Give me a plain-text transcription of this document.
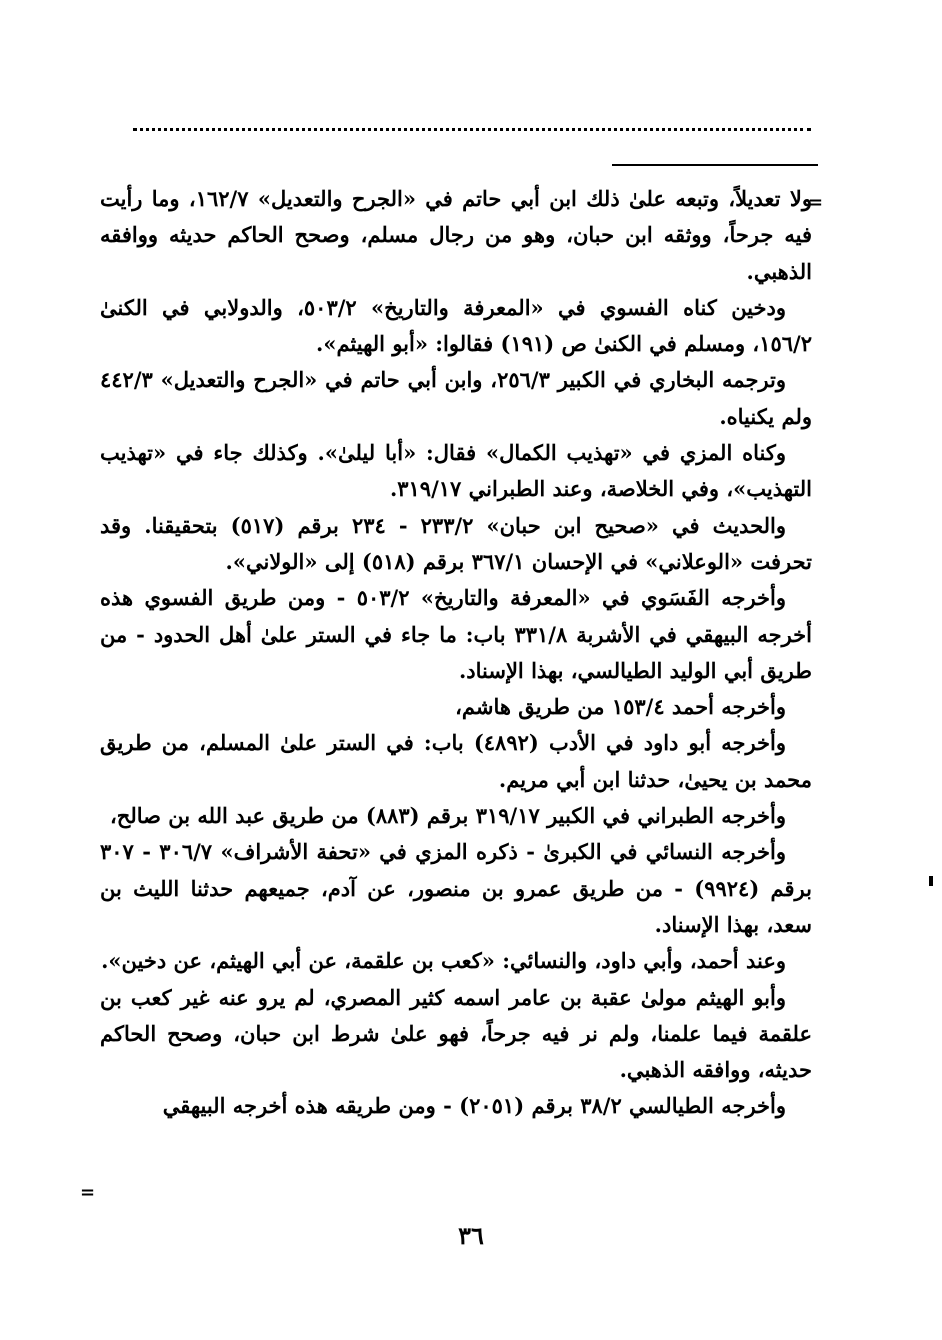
=

ولا تعديلاً، وتبعه علىٰ ذلك ابن أبي حاتم في «الجرح والتعديل» ١٦٢/٧، وما رأيت فيه جرحاً، ووثقه ابن حبان، وهو من رجال مسلم، وصحح الحاكم حديثه ووافقه الذهبي.

ودخين كناه الفسوي في «المعرفة والتاريخ» ٥٠٣/٢، والدولابي في الكنىٰ ١٥٦/٢، ومسلم في الكنىٰ ص (١٩١) فقالوا: «أبو الهيثم».

وترجمه البخاري في الكبير ٢٥٦/٣، وابن أبي حاتم في «الجرح والتعديل» ٤٤٢/٣ ولم يكنياه.

وكناه المزي في «تهذيب الكمال» فقال: «أبا ليلىٰ». وكذلك جاء في «تهذيب التهذيب»، وفي الخلاصة، وعند الطبراني ٣١٩/١٧.

والحديث في «صحيح ابن حبان» ٢٣٣/٢ - ٢٣٤ برقم (٥١٧) بتحقيقنا. وقد تحرفت «الوعلاني» في الإحسان ٣٦٧/١ برقم (٥١٨) إلى «الولاني».

وأخرجه الفَسَوي في «المعرفة والتاريخ» ٥٠٣/٢ - ومن طريق الفسوي هذه أخرجه البيهقي في الأشربة ٣٣١/٨ باب: ما جاء في الستر علىٰ أهل الحدود - من طريق أبي الوليد الطيالسي، بهذا الإسناد.

وأخرجه أحمد ١٥٣/٤ من طريق هاشم،

وأخرجه أبو داود في الأدب (٤٨٩٢) باب: في الستر علىٰ المسلم، من طريق محمد بن يحيىٰ، حدثنا ابن أبي مريم.

وأخرجه الطبراني في الكبير ٣١٩/١٧ برقم (٨٨٣) من طريق عبد الله بن صالح،

وأخرجه النسائي في الكبرىٰ - ذكره المزي في «تحفة الأشراف» ٣٠٦/٧ - ٣٠٧ برقم (٩٩٢٤) - من طريق عمرو بن منصور، عن آدم، جميعهم حدثنا الليث بن سعد، بهذا الإسناد.

وعند أحمد، وأبي داود، والنسائي: «كعب بن علقمة، عن أبي الهيثم، عن دخين».

وأبو الهيثم مولىٰ عقبة بن عامر اسمه كثير المصري، لم يرو عنه غير كعب بن علقمة فيما علمنا، ولم نر فيه جرحاً، فهو علىٰ شرط ابن حبان، وصحح الحاكم حديثه، ووافقه الذهبي.

وأخرجه الطيالسي ٣٨/٢ برقم (٢٠٥١) - ومن طريقه هذه أخرجه البيهقي

=
٣٦
